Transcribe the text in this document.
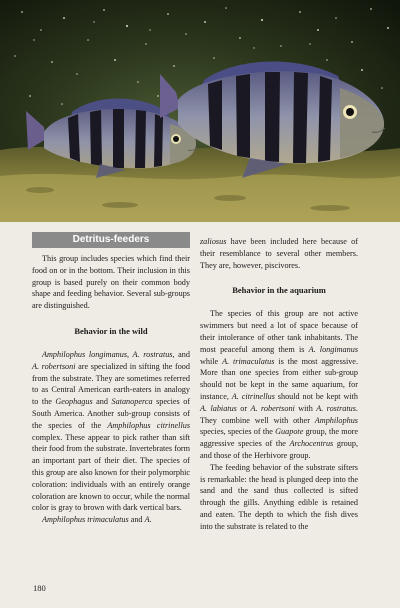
Detritus-feeders

This group includes species which find their food on or in the bottom. Their inclusion in this group is based purely on their common body shape and feeding behavior. Several sub-groups are distinguished.

Behavior in the wild

Amphilophus longimanus, A. rostratus, and A. robertsoni are specialized in sifting the food from the substrate. They are sometimes referred to as Central American earth-eaters in analogy to the Geophagus and Satanoperca species of South America. Another sub-group consists of the species of the Amphilophus citrinellus complex. These appear to pick rather than sift their food from the substrate. Invertebrates form an important part of their diet. The species of this group are also known for their polymorphic coloration: individuals with an entirely orange coloration are known to occur, while the normal color is gray to brown with dark vertical bars.

Amphilophus trimaculatus and A.

zaliosus have been included here because of their resemblance to several other members. They are, however, piscivores.

Behavior in the aquarium

The species of this group are not active swimmers but need a lot of space because of their intolerance of other tank inhabitants. The most peaceful among them is A. longimanus while A. trimaculatus is the most aggressive. More than one species from either sub-group should not be kept in the same aquarium, for instance, A. citrinellus should not be kept with A. labiatus or A. robertsoni with A. rostratus. They combine well with other Amphilophus species, species of the Guapote group, the more aggressive species of the Archocentrus group, and those of the Herbivore group.

The feeding behavior of the substrate sifters is remarkable: the head is plunged deep into the sand and the sand thus collected is sifted through the gills. Anything edible is retained and eaten. The depth to which the fish dives into the substrate is related to the

180
